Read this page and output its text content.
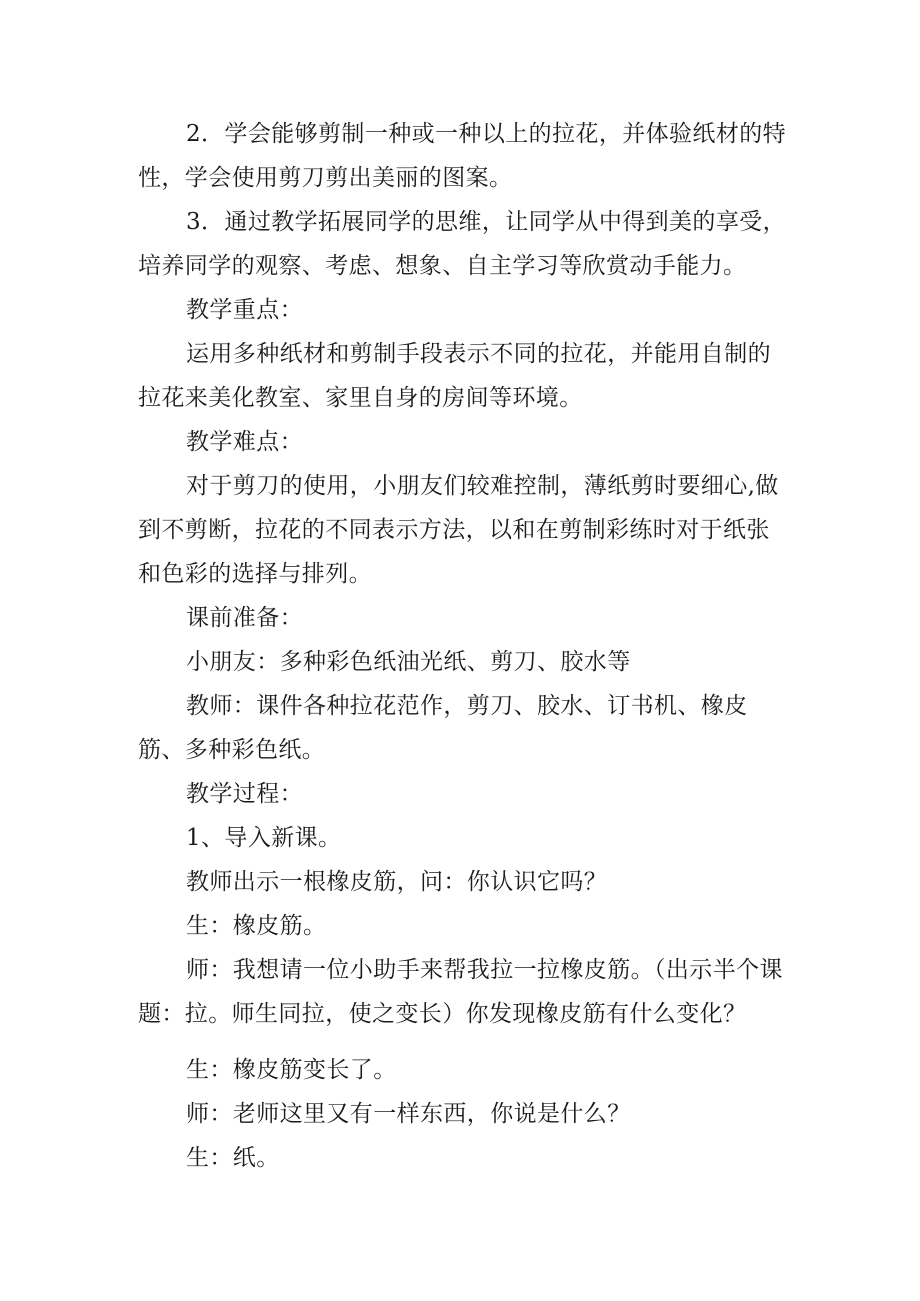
2．学会能够剪制一种或一种以上的拉花，并体验纸材的特性，学会使用剪刀剪出美丽的图案。

3．通过教学拓展同学的思维，让同学从中得到美的享受，培养同学的观察、考虑、想象、自主学习等欣赏动手能力。

教学重点：

运用多种纸材和剪制手段表示不同的拉花，并能用自制的拉花来美化教室、家里自身的房间等环境。

教学难点：

对于剪刀的使用，小朋友们较难控制，薄纸剪时要细心,做到不剪断，拉花的不同表示方法，以和在剪制彩练时对于纸张和色彩的选择与排列。

课前准备：

小朋友：多种彩色纸油光纸、剪刀、胶水等

教师：课件各种拉花范作，剪刀、胶水、订书机、橡皮筋、多种彩色纸。

教学过程：

1、导入新课。

教师出示一根橡皮筋，问：你认识它吗？

生：橡皮筋。

师：我想请一位小助手来帮我拉一拉橡皮筋。（出示半个课题：拉。师生同拉，使之变长）你发现橡皮筋有什么变化？

生：橡皮筋变长了。

师：老师这里又有一样东西，你说是什么？

生：纸。
